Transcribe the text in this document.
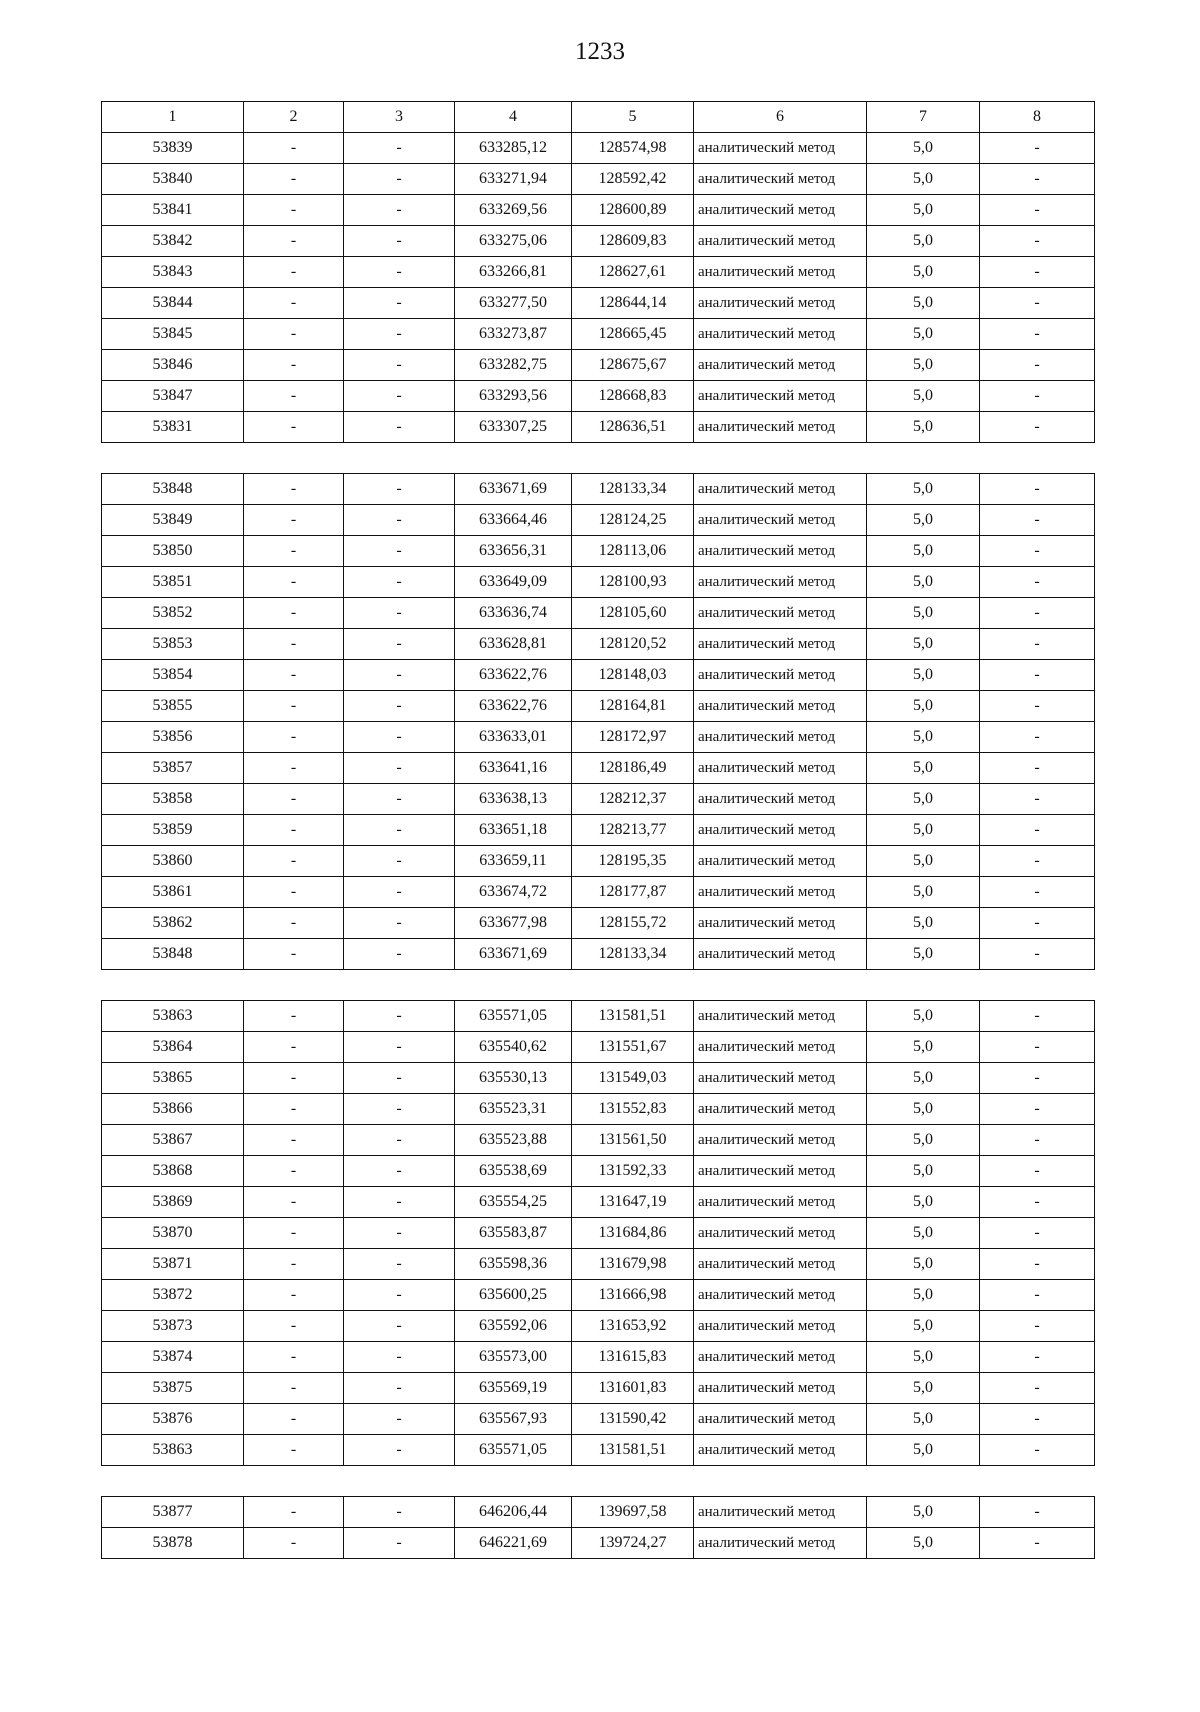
1233
1	2	3	4	5	6	7	8
53839	-	-	633285,12	128574,98	аналитический метод	5,0	-
53840	-	-	633271,94	128592,42	аналитический метод	5,0	-
53841	-	-	633269,56	128600,89	аналитический метод	5,0	-
53842	-	-	633275,06	128609,83	аналитический метод	5,0	-
53843	-	-	633266,81	128627,61	аналитический метод	5,0	-
53844	-	-	633277,50	128644,14	аналитический метод	5,0	-
53845	-	-	633273,87	128665,45	аналитический метод	5,0	-
53846	-	-	633282,75	128675,67	аналитический метод	5,0	-
53847	-	-	633293,56	128668,83	аналитический метод	5,0	-
53831	-	-	633307,25	128636,51	аналитический метод	5,0	-
53848	-	-	633671,69	128133,34	аналитический метод	5,0	-
53849	-	-	633664,46	128124,25	аналитический метод	5,0	-
53850	-	-	633656,31	128113,06	аналитический метод	5,0	-
53851	-	-	633649,09	128100,93	аналитический метод	5,0	-
53852	-	-	633636,74	128105,60	аналитический метод	5,0	-
53853	-	-	633628,81	128120,52	аналитический метод	5,0	-
53854	-	-	633622,76	128148,03	аналитический метод	5,0	-
53855	-	-	633622,76	128164,81	аналитический метод	5,0	-
53856	-	-	633633,01	128172,97	аналитический метод	5,0	-
53857	-	-	633641,16	128186,49	аналитический метод	5,0	-
53858	-	-	633638,13	128212,37	аналитический метод	5,0	-
53859	-	-	633651,18	128213,77	аналитический метод	5,0	-
53860	-	-	633659,11	128195,35	аналитический метод	5,0	-
53861	-	-	633674,72	128177,87	аналитический метод	5,0	-
53862	-	-	633677,98	128155,72	аналитический метод	5,0	-
53848	-	-	633671,69	128133,34	аналитический метод	5,0	-
53863	-	-	635571,05	131581,51	аналитический метод	5,0	-
53864	-	-	635540,62	131551,67	аналитический метод	5,0	-
53865	-	-	635530,13	131549,03	аналитический метод	5,0	-
53866	-	-	635523,31	131552,83	аналитический метод	5,0	-
53867	-	-	635523,88	131561,50	аналитический метод	5,0	-
53868	-	-	635538,69	131592,33	аналитический метод	5,0	-
53869	-	-	635554,25	131647,19	аналитический метод	5,0	-
53870	-	-	635583,87	131684,86	аналитический метод	5,0	-
53871	-	-	635598,36	131679,98	аналитический метод	5,0	-
53872	-	-	635600,25	131666,98	аналитический метод	5,0	-
53873	-	-	635592,06	131653,92	аналитический метод	5,0	-
53874	-	-	635573,00	131615,83	аналитический метод	5,0	-
53875	-	-	635569,19	131601,83	аналитический метод	5,0	-
53876	-	-	635567,93	131590,42	аналитический метод	5,0	-
53863	-	-	635571,05	131581,51	аналитический метод	5,0	-
53877	-	-	646206,44	139697,58	аналитический метод	5,0	-
53878	-	-	646221,69	139724,27	аналитический метод	5,0	-
